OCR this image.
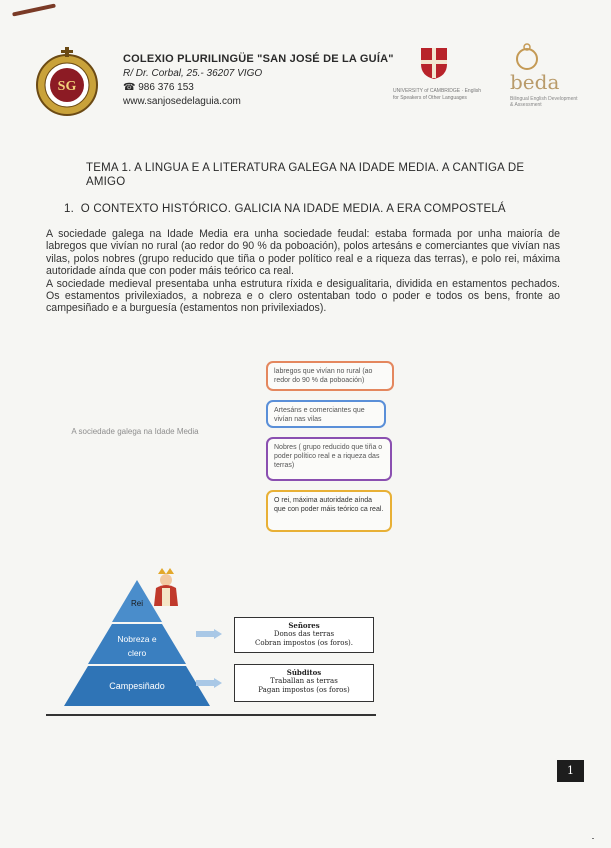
SG
COLEXIO PLURILINGÜE "SAN JOSÉ DE LA GUÍA"
R/ Dr. Corbal, 25.- 36207 VIGO
☎ 986 376 153
www.sanjosedelaguia.com
UNIVERSITY of CAMBRIDGE · English for Speakers of Other Languages
beda
Bilingual English Development & Assessment
TEMA 1. A LINGUA E A LITERATURA GALEGA NA IDADE MEDIA. A CANTIGA DE AMIGO
1. O CONTEXTO HISTÓRICO. GALICIA NA IDADE MEDIA. A ERA COMPOSTELÁ

A sociedade galega na Idade Media era unha sociedade feudal: estaba formada por unha maioría de labregos que vivían no rural (ao redor do 90 % da poboación), polos artesáns e comerciantes que vivían nas vilas, polos nobres (grupo reducido que tiña o poder político real e a riqueza das terras), e polo rei, máxima autoridade aínda que con poder máis teórico ca real.

A sociedade medieval presentaba unha estrutura ríxida e desigualitaria, dividida en estamentos pechados. Os estamentos privilexiados, a nobreza e o clero ostentaban todo o poder e todos os bens, fronte ao campesiñado e a burguesía (estamentos non privilexiados).

A sociedade galega na Idade Media
labregos que vivían no rural (ao redor do 90 % da poboación)
Artesáns e comerciantes que vivían nas vilas
Nobres ( grupo reducido que tiña o poder político real e a riqueza das terras)
O rei, máxima autoridade aínda que con poder máis teórico ca real.
Rei
Nobreza e
clero
Campesiñado
Señores
Donos das terras
Cobran impostos (os foros).
Súbditos
Traballan as terras
Pagan impostos (os foros)
1
